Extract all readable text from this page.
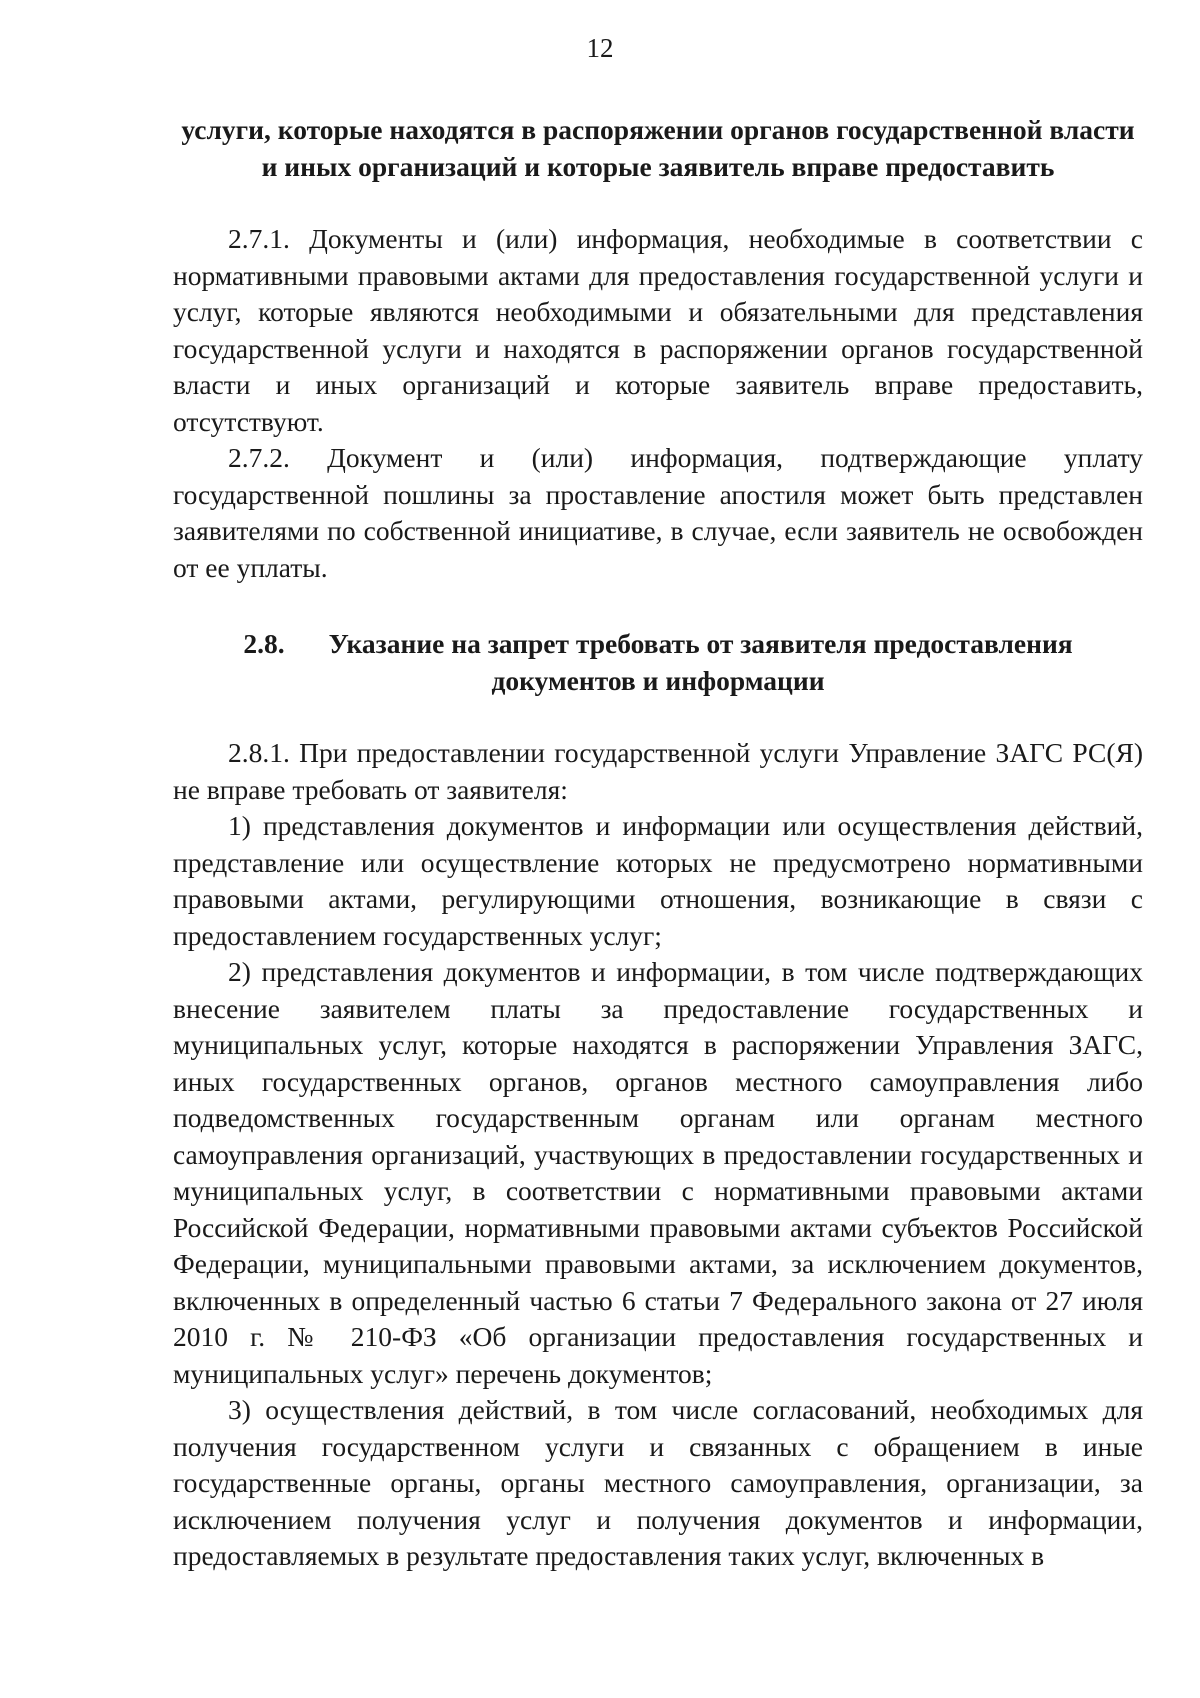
12

услуги, которые находятся в распоряжении органов государственной власти и иных организаций и которые заявитель вправе предоставить

2.7.1. Документы и (или) информация, необходимые в соответствии с нормативными правовыми актами для предоставления государственной услуги и услуг, которые являются необходимыми и обязательными для представления государственной услуги и находятся в распоряжении органов государственной власти и иных организаций и которые заявитель вправе предоставить, отсутствуют.

2.7.2. Документ и (или) информация, подтверждающие уплату государственной пошлины за проставление апостиля может быть представлен заявителями по собственной инициативе, в случае, если заявитель не освобожден от ее уплаты.

2.8. Указание на запрет требовать от заявителя предоставления документов и информации

2.8.1. При предоставлении государственной услуги Управление ЗАГС РС(Я) не вправе требовать от заявителя:

1) представления документов и информации или осуществления действий, представление или осуществление которых не предусмотрено нормативными правовыми актами, регулирующими отношения, возникающие в связи с предоставлением государственных услуг;

2) представления документов и информации, в том числе подтверждающих внесение заявителем платы за предоставление государственных и муниципальных услуг, которые находятся в распоряжении Управления ЗАГС, иных государственных органов, органов местного самоуправления либо подведомственных государственным органам или органам местного самоуправления организаций, участвующих в предоставлении государственных и муниципальных услуг, в соответствии с нормативными правовыми актами Российской Федерации, нормативными правовыми актами субъектов Российской Федерации, муниципальными правовыми актами, за исключением документов, включенных в определенный частью 6 статьи 7 Федерального закона от 27 июля 2010 г. № 210-ФЗ «Об организации предоставления государственных и муниципальных услуг» перечень документов;

3) осуществления действий, в том числе согласований, необходимых для получения государственном услуги и связанных с обращением в иные государственные органы, органы местного самоуправления, организации, за исключением получения услуг и получения документов и информации, предоставляемых в результате предоставления таких услуг, включенных в
